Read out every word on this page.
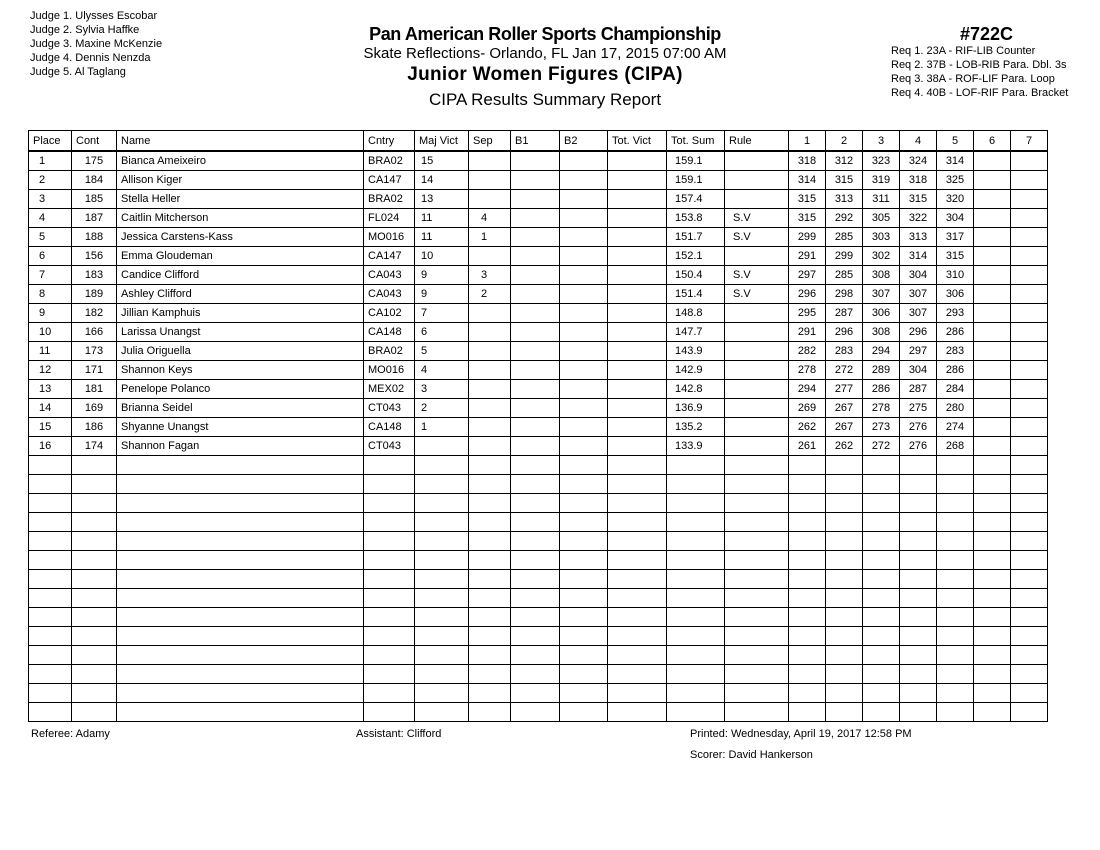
Judge 1. Ulysses Escobar
Judge 2. Sylvia Haffke
Judge 3. Maxine McKenzie
Judge 4. Dennis Nenzda
Judge 5. Al Taglang
Pan American Roller Sports Championship
Skate Reflections- Orlando, FL Jan 17, 2015 07:00 AM
Junior Women Figures (CIPA)
CIPA Results Summary Report
#722C
Req 1. 23A - RIF-LIB Counter
Req 2. 37B - LOB-RIB Para. Dbl. 3s
Req 3. 38A - ROF-LIF Para. Loop
Req 4. 40B - LOF-RIF Para. Bracket
Place	Cont	Name	Cntry	Maj Vict	Sep	B1	B2	Tot. Vict	Tot. Sum	Rule	1	2	3	4	5	6	7
1	175	Bianca Ameixeiro	BRA02	15					159.1		318	312	323	324	314		
2	184	Allison Kiger	CA147	14					159.1		314	315	319	318	325		
3	185	Stella Heller	BRA02	13					157.4		315	313	311	315	320		
4	187	Caitlin Mitcherson	FL024	11	4				153.8	S.V	315	292	305	322	304		
5	188	Jessica Carstens-Kass	MO016	11	1				151.7	S.V	299	285	303	313	317		
6	156	Emma Gloudeman	CA147	10					152.1		291	299	302	314	315		
7	183	Candice Clifford	CA043	9	3				150.4	S.V	297	285	308	304	310		
8	189	Ashley Clifford	CA043	9	2				151.4	S.V	296	298	307	307	306		
9	182	Jillian Kamphuis	CA102	7					148.8		295	287	306	307	293		
10	166	Larissa Unangst	CA148	6					147.7		291	296	308	296	286		
11	173	Julia Origuella	BRA02	5					143.9		282	283	294	297	283		
12	171	Shannon Keys	MO016	4					142.9		278	272	289	304	286		
13	181	Penelope Polanco	MEX02	3					142.8		294	277	286	287	284		
14	169	Brianna Seidel	CT043	2					136.9		269	267	278	275	280		
15	186	Shyanne Unangst	CA148	1					135.2		262	267	273	276	274		
16	174	Shannon Fagan	CT043						133.9		261	262	272	276	268		

Referee: Adamy	Assistant: Clifford	Printed: Wednesday, April 19, 2017 12:58 PM
Scorer: David Hankerson
